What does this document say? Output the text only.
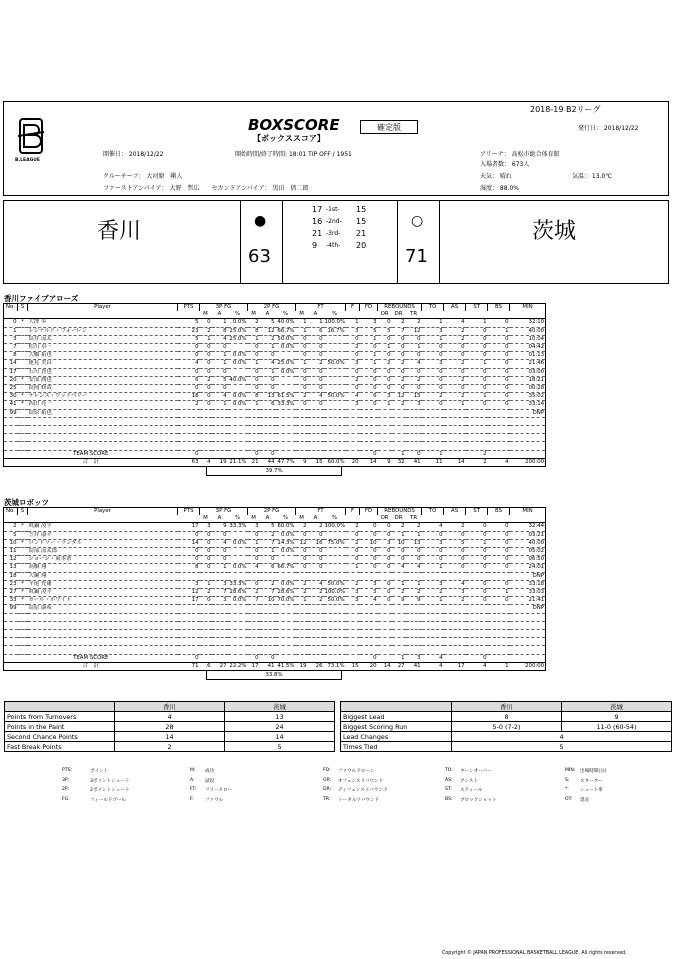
2018-19 B2リーグ
B.LEAGUE
BOXSCORE
【ボックススコア】
確定版	発行日： 2018/12/22
開催日： 2018/12/22	開始時間/終了時間: 18:01 TIP OFF / 1951	アリーナ： 高松市総合体育館
入場者数： 673人
クルーチーフ： 大河原　剛人	天気： 晴れ	気温： 13.0℃
ファーストアンパイア： 大野　哲広　　セカンドアンパイア： 黒田　倩二郎	湿度： 88.0%
香川	茨城
●	○
63	71
17 -1st- 15
16 -2nd- 15
21 -3rd- 21
9 -4th- 20
香川ファイブアローズ
No.	S	Player	PTS	3P FG			2P FG			FT			F	FD	REBOUNDS			TO	AS	ST	BS	MIN
				M	A	%	M	A	%	M	A	%			OR	DR	TR					
0	*	大澤 歩	5	0	1	0.0%	2	5	40.0%	1	1	100.0%	1	3	0	2	2	1	4	1	0	32:10
1		レジナルド・ウォーレン	23	2	8	25.0%	8	12	66.7%	1	6	16.7%	3	5	5	7	12	3	2	0	1	40:00
3		筒井 涼太	5	1	4	25.0%	1	2	50.0%	0	0		0	1	0	0	0	1	2	0	0	10:04
7		松川 卓一	0	0	0		0	1	0.0%	0	0		2	0	1	0	1	0	0	0	0	04:42
8		大橋 拓也	0	0	1	0.0%	0	0		0	0		0	1	0	0	0	0	0	0	0	01:13
14		蓮見 美昌	4	0	1	0.0%	1	4	25.0%	1	2	50.0%	3	1	2	2	4	3	2	1	0	21:46
17		石川 智也	0	0	0		0	1	0.0%	0	0		0	0	0	0	0	0	0	0	0	03:00
20	*	安部 潤也	6	2	5	40.0%	0	0		0	0		2	0	0	2	2	0	2	0	0	18:21
25		筒岡 修哉	0	0	0		0	0		0	0		0	0	0	0	0	0	0	0	0	00:28
30	*	テレンス・ウッドベリー	18	0	4	0.0%	8	13	61.5%	2	4	50.0%	4	6	3	12	15	2	2	1	0	35:02
41	*	西田 亮一	2	0	1	0.0%	1	6	33.3%	0	0		3	0	1	2	3	0	1	0	0	33:14
99		筒原 拓也																				DNP

TEAM SCORE			0				0	0						0		1	0	1		2		
合　計			63	4	19	21.1%	21	44	47.7%	9	15	60.0%	20	14	9	32	41	11	14	2	4	200:00
39.7%
茨城ロボッツ
No.	S	Player	PTS	3P FG			2P FG			FT			F	FD	REBOUNDS			TO	AS	ST	BS	MIN
				M	A	%	M	A	%	M	A	%			OR	DR	TR					
2	*	眞鍋 凌平	17	3	9	33.3%	3	5	60.0%	2	2	100.0%	2	0	0	2	2	4	2	0	0	32:44
5		笠井 康平	0	0	0		0	2	0.0%	0	0		0	0	0	1	1	0	0	0	0	03:21
10	*	ロンドリー・ランダル	14	0	4	0.0%	1	7	14.3%	12	16	75.0%	2	10	3	10	13	3	5	1	0	40:00
11		筒部 涼太郎	0	0	0		0	1	0.0%	0	0		0	0	0	0	0	0	0	0	0	05:02
12		ジョージ・東本条	0	0	0		0	0		0	0		0	0	0	0	0	0	0	0	0	06:50
13		高橋 翔	8	0	1	0.0%	4	6	66.7%	0	0		1	0	0	4	4	1	0	0	0	24:01
18		大瀬 翔																				DNP
23	*	平尾 充庸	3	1	3	33.3%	0	2	0.0%	2	4	50.0%	2	3	0	1	1	3	4	0	0	33:18
27	*	眞鍋 凌平	12	2	7	28.6%	2	7	28.6%	2	2	100.0%	3	3	0	2	2	2	3	0	1	33:03
33	*	カール・ホワイト	17	0	3	0.0%	7	10	70.0%	1	2	50.0%	3	4	0	9	9	1	2	0	0	21:41
99		筒原 康希																				DNP

TEAM SCORE			0				0	0						0		1	3	4		0		
合　計			71	6	27	22.2%	17	41	41.5%	19	26	73.1%	15	20	14	27	41	4	17	4	1	200:00
33.8%
	香川	茨城
Points from Turnovers	4	13
Points in the Paint	28	24
Second Chance Points	14	14
Fast Break Points	2	5
	香川	茨城
Biggest Lead	8	9
Biggest Scoring Run	5-0 (7-2)	11-0 (60-54)
Lead Changes	4	
Times Tied	5	
PTS:	ポイント	M: 成功	FD: ファウルドローン	TO: ターンオーバー	MIN: 出場時間(分)
3P:	3ポイントシュート	A: 試投	OR: オフェンスリバウンド	AS: アシスト	S: スターター
2P:	2ポイントシュート	FT: フリースロー	DR: ディフェンスリバウンド	ST: スティール	*: シュート率
FG:	フィールドゴール	F: ファウル	TR: トータルリバウンド	BS: ブロックショット	OT: 延長
Copyright © JAPAN PROFESSIONAL BASKETBALL LEAGUE. All rights reserved.
